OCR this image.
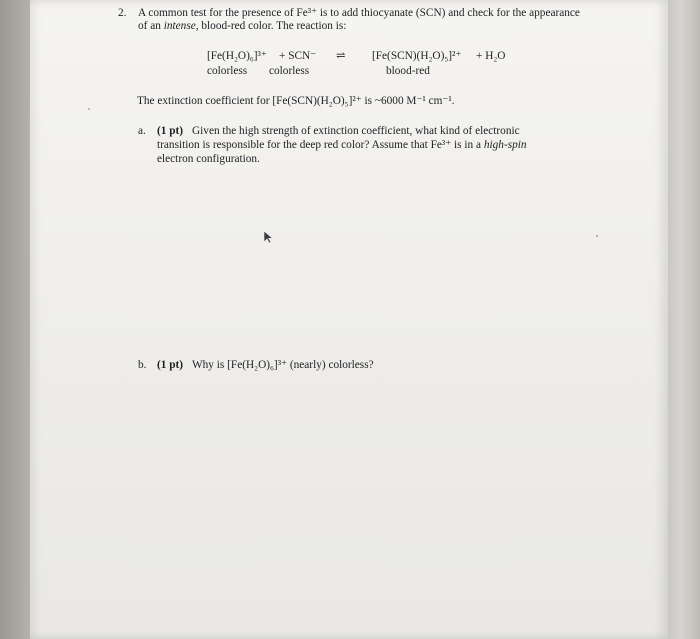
2. A common test for the presence of Fe³⁺ is to add thiocyanate (SCN) and check for the appearance
of an intense, blood-red color. The reaction is:
[Fe(H₂O)₆]³⁺ + SCN⁻ ⇌ [Fe(SCN)(H₂O)₅]²⁺ + H₂O
colorless colorless	blood-red
The extinction coefficient for [Fe(SCN)(H₂O)₅]²⁺ is ~6000 M⁻¹ cm⁻¹.
a. (1 pt) Given the high strength of extinction coefficient, what kind of electronic
transition is responsible for the deep red color? Assume that Fe³⁺ is in a high-spin
electron configuration.
b. (1 pt) Why is [Fe(H₂O)₆]³⁺ (nearly) colorless?
